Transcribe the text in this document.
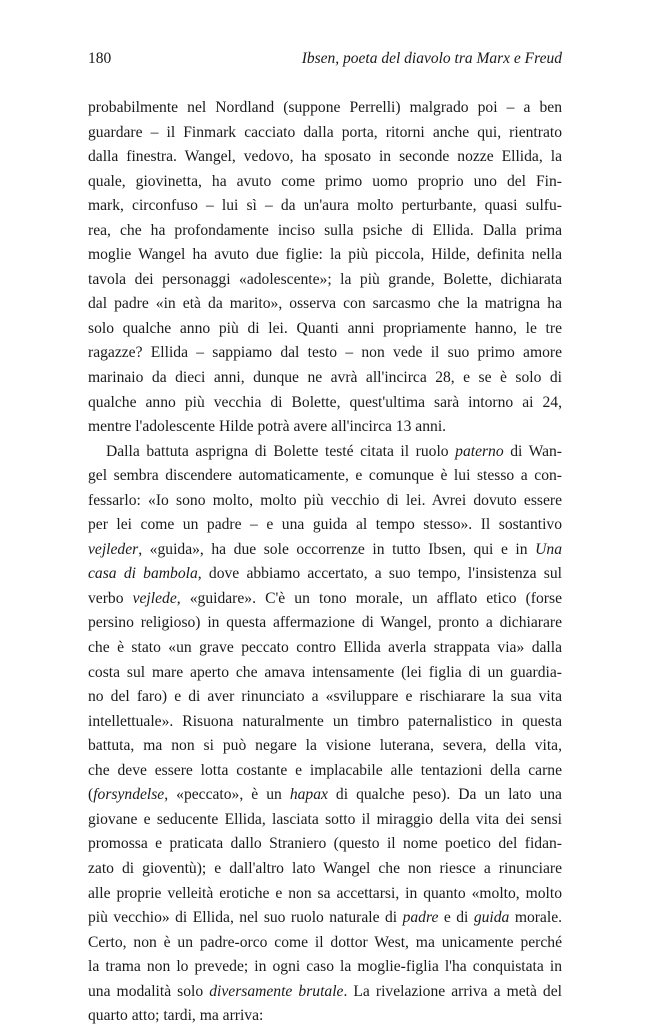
180	Ibsen, poeta del diavolo tra Marx e Freud
probabilmente nel Nordland (suppone Perrelli) malgrado poi – a ben
guardare – il Finmark cacciato dalla porta, ritorni anche qui, rientrato
dalla finestra. Wangel, vedovo, ha sposato in seconde nozze Ellida, la
quale, giovinetta, ha avuto come primo uomo proprio uno del Fin-
mark, circonfuso – lui sì – da un'aura molto perturbante, quasi sulfu-
rea, che ha profondamente inciso sulla psiche di Ellida. Dalla prima
moglie Wangel ha avuto due figlie: la più piccola, Hilde, definita nella
tavola dei personaggi «adolescente»; la più grande, Bolette, dichiarata
dal padre «in età da marito», osserva con sarcasmo che la matrigna ha
solo qualche anno più di lei. Quanti anni propriamente hanno, le tre
ragazze? Ellida – sappiamo dal testo – non vede il suo primo amore
marinaio da dieci anni, dunque ne avrà all'incirca 28, e se è solo di
qualche anno più vecchia di Bolette, quest'ultima sarà intorno ai 24,
mentre l'adolescente Hilde potrà avere all'incirca 13 anni.
Dalla battuta asprigna di Bolette testé citata il ruolo paterno di Wan-
gel sembra discendere automaticamente, e comunque è lui stesso a con-
fessarlo: «Io sono molto, molto più vecchio di lei. Avrei dovuto essere
per lei come un padre – e una guida al tempo stesso». Il sostantivo
vejleder, «guida», ha due sole occorrenze in tutto Ibsen, qui e in Una
casa di bambola, dove abbiamo accertato, a suo tempo, l'insistenza sul
verbo vejlede, «guidare». C'è un tono morale, un afflato etico (forse
persino religioso) in questa affermazione di Wangel, pronto a dichiarare
che è stato «un grave peccato contro Ellida averla strappata via» dalla
costa sul mare aperto che amava intensamente (lei figlia di un guardia-
no del faro) e di aver rinunciato a «sviluppare e rischiarare la sua vita
intellettuale». Risuona naturalmente un timbro paternalistico in questa
battuta, ma non si può negare la visione luterana, severa, della vita,
che deve essere lotta costante e implacabile alle tentazioni della carne
(forsyndelse, «peccato», è un hapax di qualche peso). Da un lato una
giovane e seducente Ellida, lasciata sotto il miraggio della vita dei sensi
promossa e praticata dallo Straniero (questo il nome poetico del fidan-
zato di gioventù); e dall'altro lato Wangel che non riesce a rinunciare
alle proprie velleità erotiche e non sa accettarsi, in quanto «molto, molto
più vecchio» di Ellida, nel suo ruolo naturale di padre e di guida morale.
Certo, non è un padre-orco come il dottor West, ma unicamente perché
la trama non lo prevede; in ogni caso la moglie-figlia l'ha conquistata in
una modalità solo diversamente brutale. La rivelazione arriva a metà del
quarto atto; tardi, ma arriva:
